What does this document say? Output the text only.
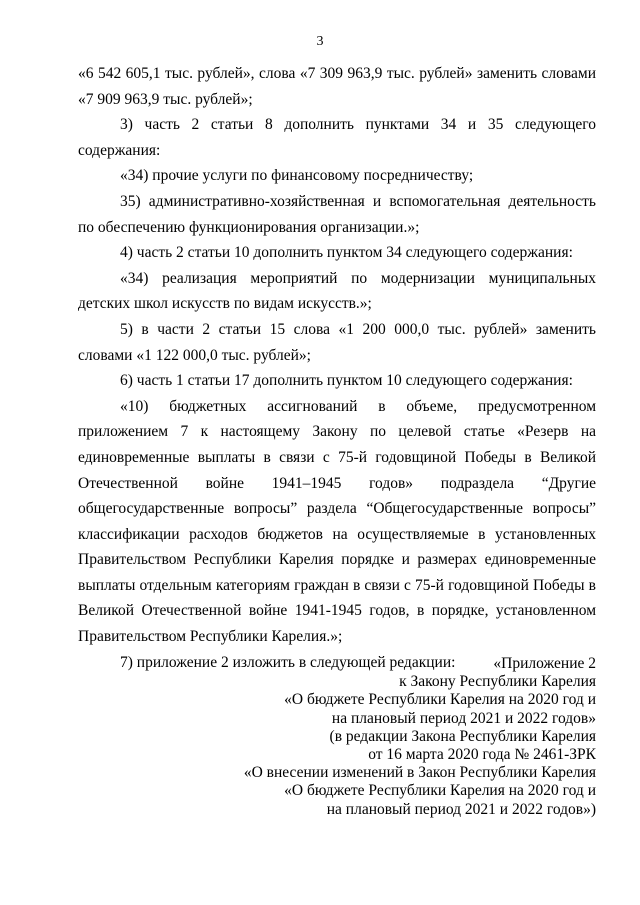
3

«6 542 605,1 тыс. рублей», слова «7 309 963,9 тыс. рублей» заменить словами «7 909 963,9 тыс. рублей»;

3) часть 2 статьи 8 дополнить пунктами 34 и 35 следующего содержания:

«34) прочие услуги по финансовому посредничеству;

35) административно-хозяйственная и вспомогательная деятельность по обеспечению функционирования организации.»;

4) часть 2 статьи 10 дополнить пунктом 34 следующего содержания:

«34) реализация мероприятий по модернизации муниципальных детских школ искусств по видам искусств.»;

5) в части 2 статьи 15 слова «1 200 000,0 тыс. рублей» заменить словами «1 122 000,0 тыс. рублей»;

6) часть 1 статьи 17 дополнить пунктом 10 следующего содержания:

«10) бюджетных ассигнований в объеме, предусмотренном приложением 7 к настоящему Закону по целевой статье «Резерв на единовременные выплаты в связи с 75-й годовщиной Победы в Великой Отечественной войне 1941–1945 годов» подраздела “Другие общегосударственные вопросы” раздела “Общегосударственные вопросы” классификации расходов бюджетов на осуществляемые в установленных Правительством Республики Карелия порядке и размерах единовременные выплаты отдельным категориям граждан в связи с 75-й годовщиной Победы в Великой Отечественной войне 1941-1945 годов, в порядке, установленном Правительством Республики Карелия.»;

7) приложение 2 изложить в следующей редакции:	«Приложение 2
к Закону Республики Карелия
«О бюджете Республики Карелия на 2020 год и
на плановый период 2021 и 2022 годов»
(в редакции Закона Республики Карелия
от 16 марта 2020 года № 2461-ЗРК
«О внесении изменений в Закон Республики Карелия
«О бюджете Республики Карелия на 2020 год и
на плановый период 2021 и 2022 годов»)
